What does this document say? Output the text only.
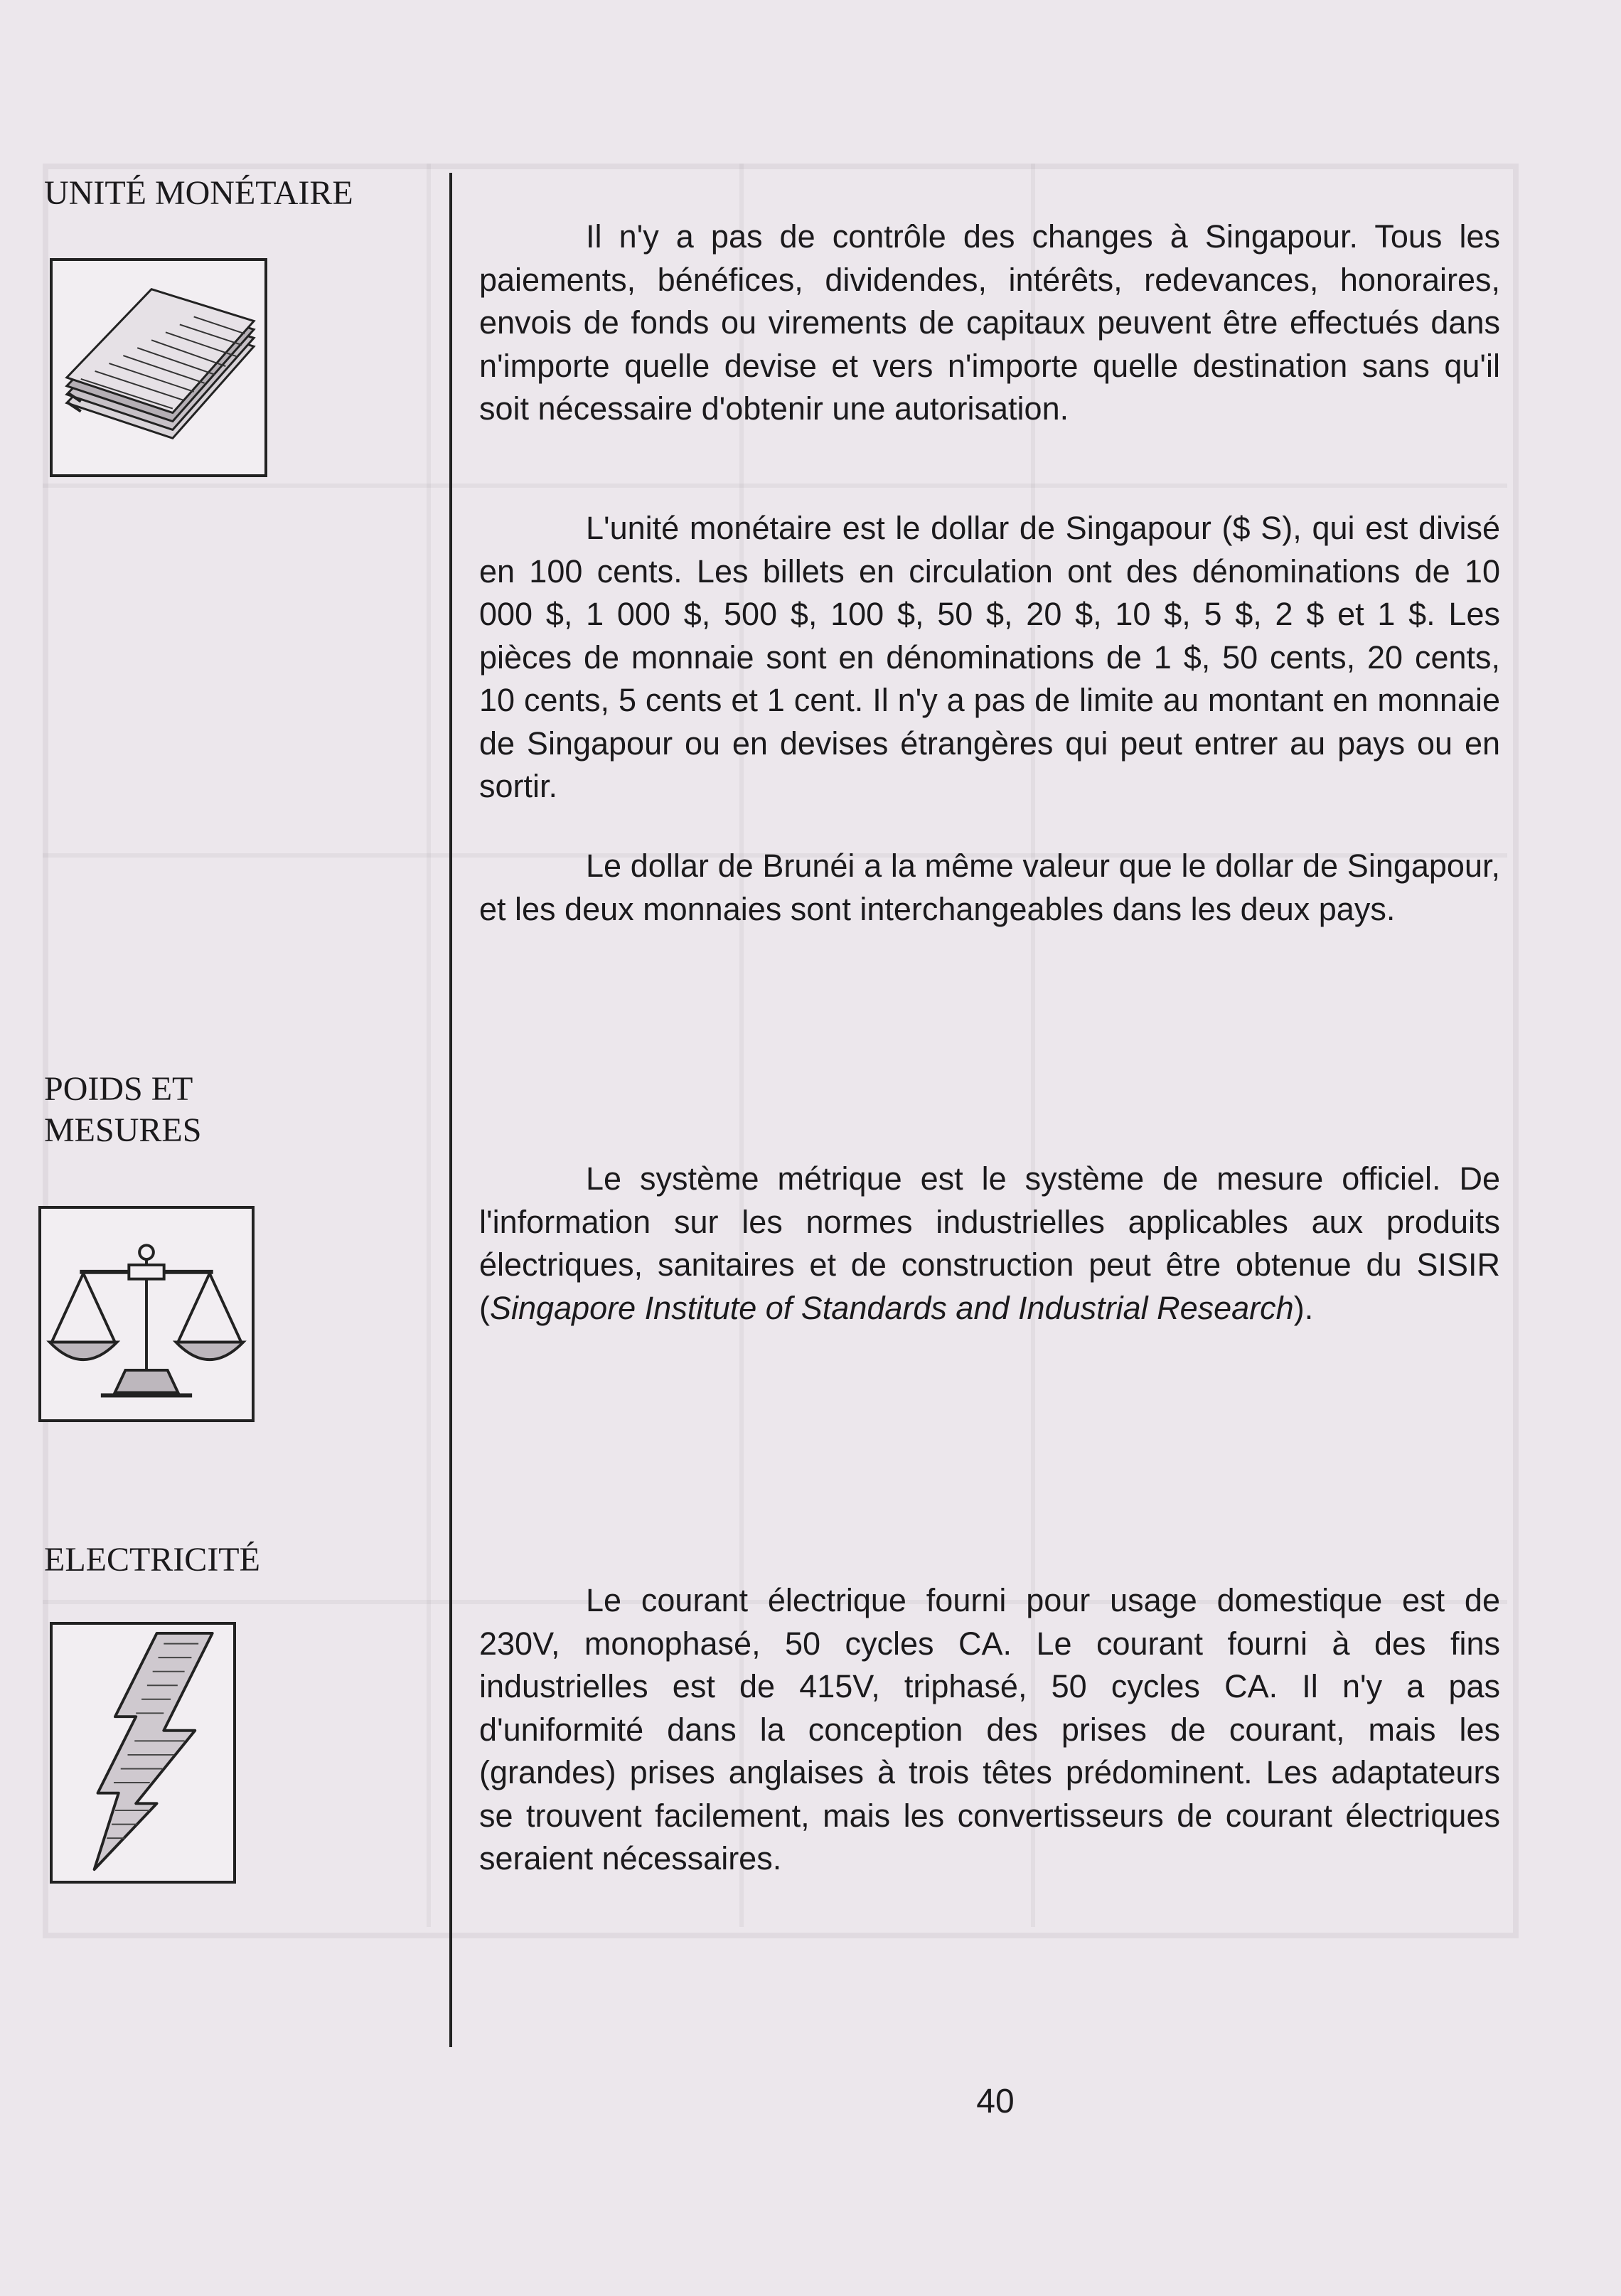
UNITÉ MONÉTAIRE

Il n'y a pas de contrôle des changes à Singapour. Tous les paiements, bénéfices, dividendes, intérêts, redevances, honoraires, envois de fonds ou virements de capitaux peuvent être effectués dans n'importe quelle devise et vers n'importe quelle destination sans qu'il soit nécessaire d'obtenir une autorisation.

L'unité monétaire est le dollar de Singapour ($ S), qui est divisé en 100 cents. Les billets en circulation ont des dénominations de 10 000 $, 1 000 $, 500 $, 100 $, 50 $, 20 $, 10 $, 5 $, 2 $ et 1 $. Les pièces de monnaie sont en dénominations de 1 $, 50 cents, 20 cents, 10 cents, 5 cents et 1 cent. Il n'y a pas de limite au montant en monnaie de Singapour ou en devises étrangères qui peut entrer au pays ou en sortir.

Le dollar de Brunéi a la même valeur que le dollar de Singapour, et les deux monnaies sont interchangeables dans les deux pays.

POIDS ET
MESURES

Le système métrique est le système de mesure officiel. De l'information sur les normes industrielles applicables aux produits électriques, sanitaires et de construction peut être obtenue du SISIR (Singapore Institute of Standards and Industrial Research).

ELECTRICITÉ

Le courant électrique fourni pour usage domestique est de 230V, monophasé, 50 cycles CA. Le courant fourni à des fins industrielles est de 415V, triphasé, 50 cycles CA. Il n'y a pas d'uniformité dans la conception des prises de courant, mais les (grandes) prises anglaises à trois têtes prédominent. Les adaptateurs se trouvent facilement, mais les convertisseurs de courant électriques seraient nécessaires.

40
